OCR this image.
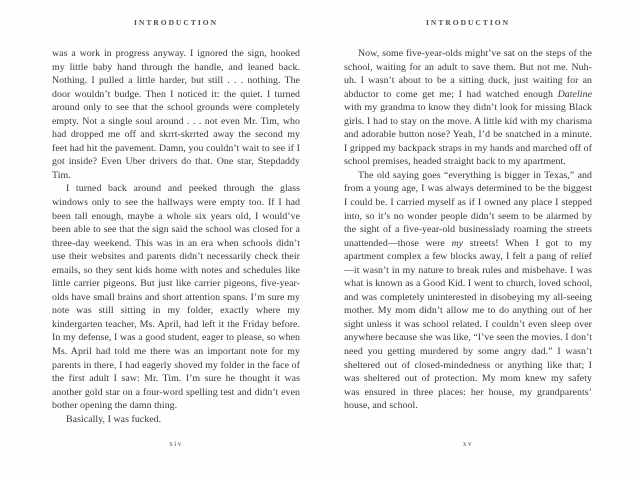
INTRODUCTION

was a work in progress anyway. I ignored the sign, hooked my little baby hand through the handle, and leaned back. Nothing. I pulled a little harder, but still . . . nothing. The door wouldn’t budge. Then I noticed it: the quiet. I turned around only to see that the school grounds were completely empty. Not a single soul around . . . not even Mr. Tim, who had dropped me off and skrrt-skrrted away the second my feet had hit the pavement. Damn, you couldn’t wait to see if I got inside? Even Uber drivers do that. One star, Stepdaddy Tim.

I turned back around and peeked through the glass windows only to see the hallways were empty too. If I had been tall enough, maybe a whole six years old, I would’ve been able to see that the sign said the school was closed for a three-day weekend. This was in an era when schools didn’t use their websites and parents didn’t necessarily check their emails, so they sent kids home with notes and schedules like little carrier pigeons. But just like carrier pigeons, five-year-olds have small brains and short attention spans. I’m sure my note was still sitting in my folder, exactly where my kindergarten teacher, Ms. April, had left it the Friday before. In my defense, I was a good student, eager to please, so when Ms. April had told me there was an important note for my parents in there, I had eagerly shoved my folder in the face of the first adult I saw: Mr. Tim. I’m sure he thought it was another gold star on a four-word spelling test and didn’t even bother opening the damn thing.

Basically, I was fucked.

xiv
INTRODUCTION

Now, some five-year-olds might’ve sat on the steps of the school, waiting for an adult to save them. But not me. Nuh-uh. I wasn’t about to be a sitting duck, just waiting for an abductor to come get me; I had watched enough Dateline with my grandma to know they didn’t look for missing Black girls. I had to stay on the move. A little kid with my charisma and adorable button nose? Yeah, I’d be snatched in a minute. I gripped my backpack straps in my hands and marched off of school premises, headed straight back to my apartment.

The old saying goes “everything is bigger in Texas,” and from a young age, I was always determined to be the biggest I could be. I carried myself as if I owned any place I stepped into, so it’s no wonder people didn’t seem to be alarmed by the sight of a five-year-old businesslady roaming the streets unattended—those were my streets! When I got to my apartment complex a few blocks away, I felt a pang of relief—it wasn’t in my nature to break rules and misbehave. I was what is known as a Good Kid. I went to church, loved school, and was completely uninterested in disobeying my all-seeing mother. My mom didn’t allow me to do anything out of her sight unless it was school related. I couldn’t even sleep over anywhere because she was like, “I’ve seen the movies. I don’t need you getting murdered by some angry dad.” I wasn’t sheltered out of closed-mindedness or anything like that; I was sheltered out of protection. My mom knew my safety was ensured in three places: her house, my grandparents’ house, and school.

xv
